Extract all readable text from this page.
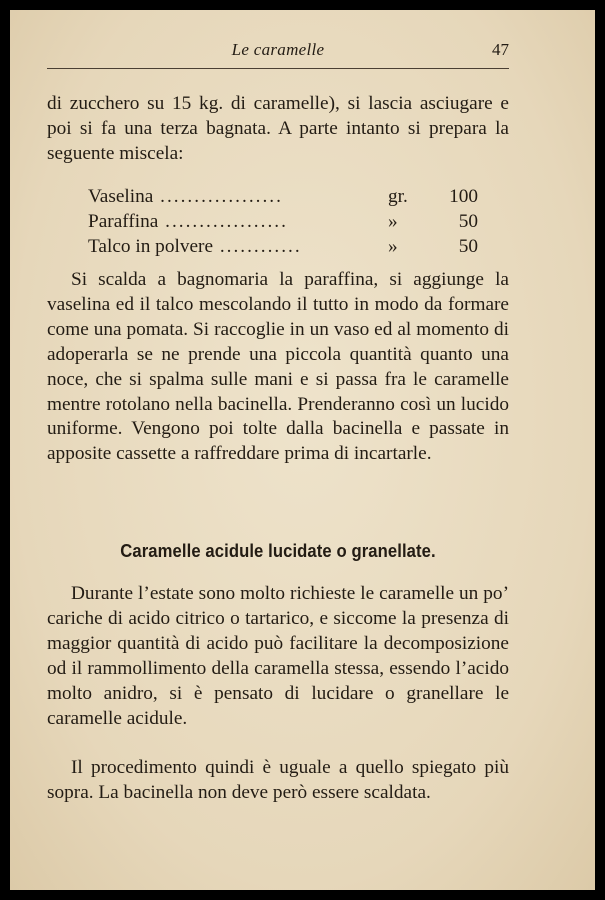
Le caramelle	47

di zucchero su 15 kg. di caramelle), si lascia asciugare e poi si fa una terza bagnata. A parte intanto si prepara la seguente miscela:

Vaselina ..................	gr.	100
Paraffina ..................	»	50
Talco in polvere ............	»	50

Si scalda a bagnomaria la paraffina, si aggiunge la vaselina ed il talco mescolando il tutto in modo da formare come una pomata. Si raccoglie in un vaso ed al momento di adoperarla se ne prende una piccola quantità quanto una noce, che si spalma sulle mani e si passa fra le caramelle mentre rotolano nella bacinella. Prenderanno così un lucido uniforme. Vengono poi tolte dalla bacinella e passate in apposite cassette a raffreddare prima di incartarle.

Caramelle acidule lucidate o granellate.

Durante l’estate sono molto richieste le caramelle un po’ cariche di acido citrico o tartarico, e siccome la presenza di maggior quantità di acido può facilitare la decomposizione od il rammollimento della caramella stessa, essendo l’acido molto anidro, si è pensato di lucidare o granellare le caramelle acidule.

Il procedimento quindi è uguale a quello spiegato più sopra. La bacinella non deve però essere scaldata.
